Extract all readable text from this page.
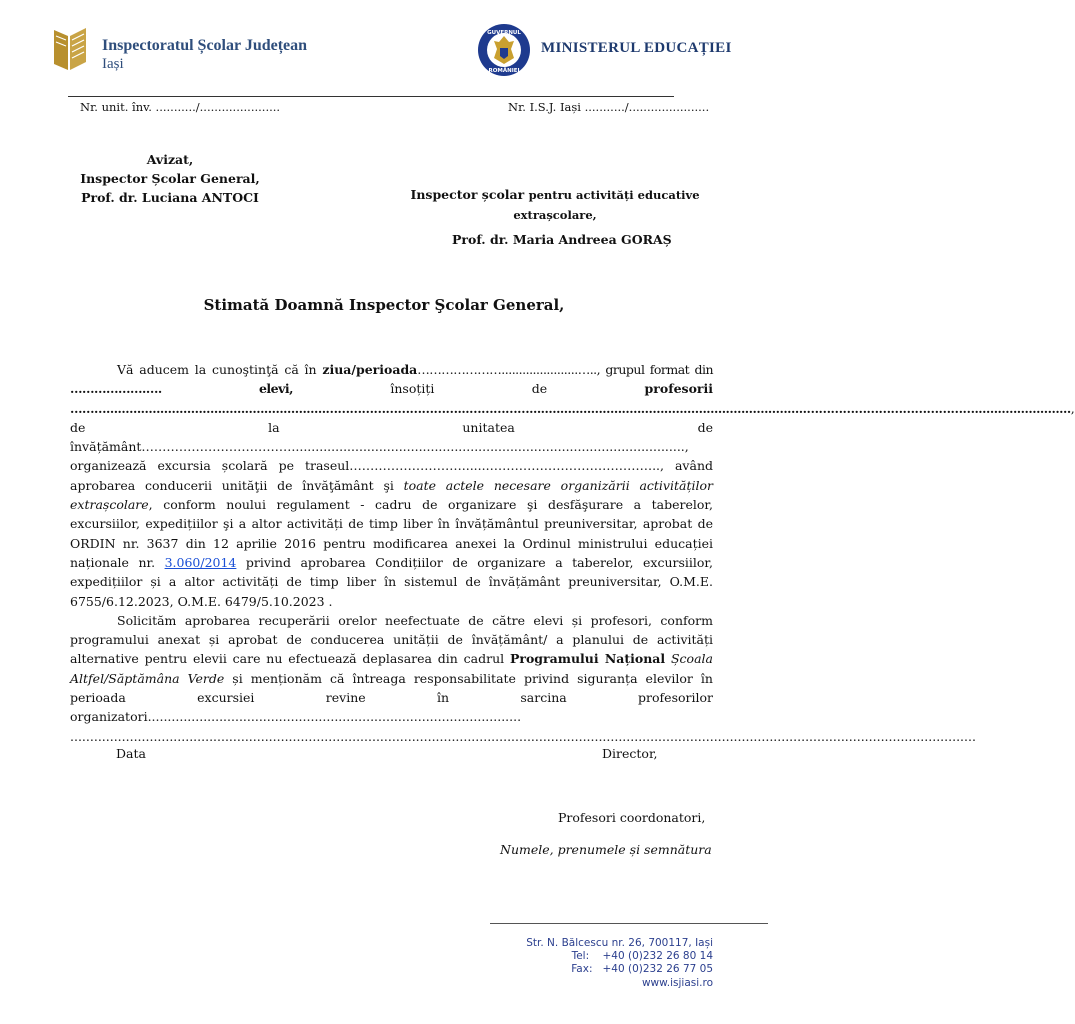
Inspectoratul Școlar Județean
Iași
GUVERNUL
ROMÂNIEI
MINISTERUL EDUCAȚIEI
Nr. unit. înv. .........../......................	Nr. I.S.J. Iași .........../......................
Avizat,
Inspector Școlar General,
Prof. dr. Luciana ANTOCI	Inspector școlar pentru activități educative extrașcolare,
Prof. dr. Maria Andreea GORAȘ
Stimată Doamnă Inspector Şcolar General,

Vă aducem la cunoştinţă că în ziua/perioada…………………......................….., grupul format din ……………….…. elevi, însoțiți de profesorii ……….........................................................……………………………...……………........................................................................……………………………………........................., de la unitatea de învățământ………………………………..................................................................................................., organizează excursia școlară pe traseul……………………….......………………………………….., având aprobarea conducerii unităţii de învăţământ şi toate actele necesare organizării activităților extrașcolare, conform noului regulament - cadru de organizare şi desfăşurare a taberelor, excursiilor, expedițiilor şi a altor activități de timp liber în învățământul preuniversitar, aprobat de ORDIN nr. 3637 din 12 aprilie 2016 pentru modificarea anexei la Ordinul ministrului educației naționale nr. 3.060/2014 privind aprobarea Condițiilor de organizare a taberelor, excursiilor, expedițiilor și a altor activități de timp liber în sistemul de învățământ preuniversitar, O.M.E. 6755/6.12.2023, O.M.E. 6479/5.10.2023 .

Solicităm aprobarea recuperării orelor neefectuate de către elevi și profesori, conform programului anexat și aprobat de conducerea unității de învățământ/ a planului de activități alternative pentru elevii care nu efectuează deplasarea din cadrul Programului Național Școala Altfel/Săptămâna Verde și menționăm că întreaga responsabilitate privind siguranța elevilor în perioada excursiei revine în sarcina profesorilor organizatori.............................................................................................. ....................................................................................................................................................................................................................................

Data	Director,
Profesori coordonatori,
Numele, prenumele și semnătura
Str. N. Bălcescu nr. 26, 700117, Iași
Tel:    +40 (0)232 26 80 14
Fax:   +40 (0)232 26 77 05
www.isjiasi.ro
